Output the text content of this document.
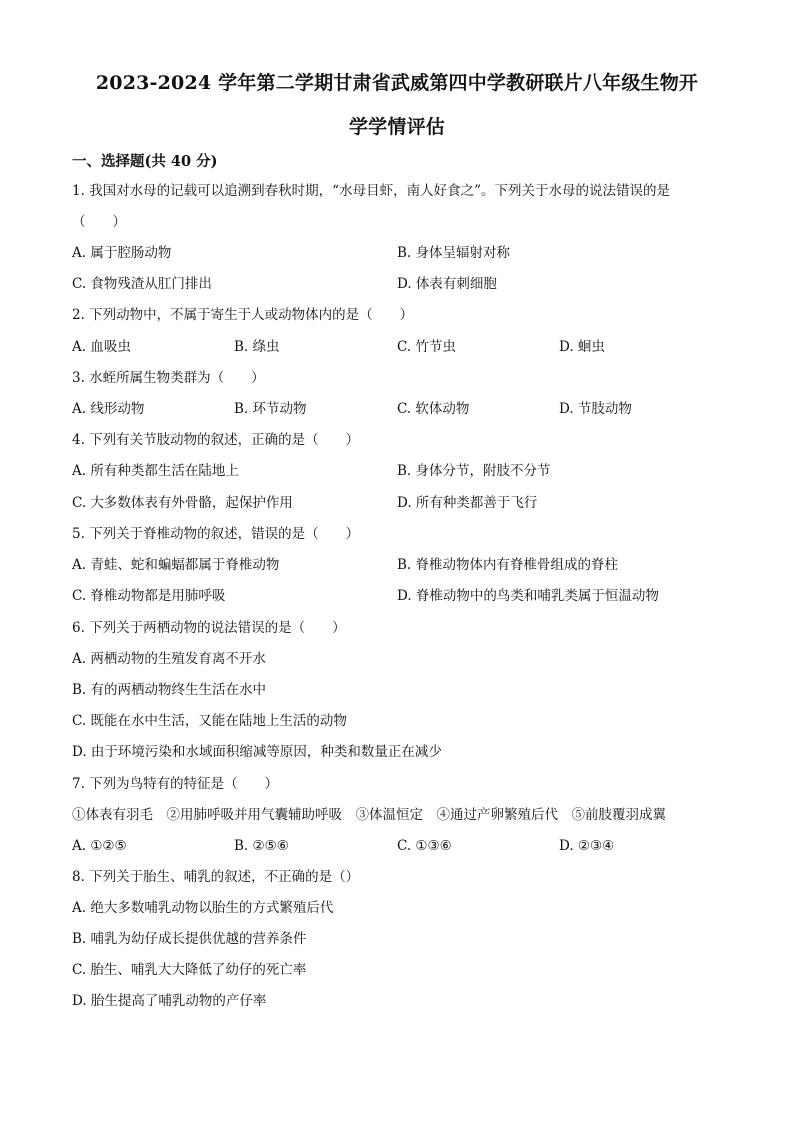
2023-2024 学年第二学期甘肃省武威第四中学教研联片八年级生物开
学学情评估
一、选择题(共 40 分)
1. 我国对水母的记载可以追溯到春秋时期，“水母目虾，南人好食之”。下列关于水母的说法错误的是
（　　）
A. 属于腔肠动物	B. 身体呈辐射对称
C. 食物残渣从肛门排出	D. 体表有刺细胞
2. 下列动物中，不属于寄生于人或动物体内的是（　　）
A. 血吸虫	B. 绦虫	C. 竹节虫	D. 蛔虫
3. 水蛭所属生物类群为（　　）
A. 线形动物	B. 环节动物	C. 软体动物	D. 节肢动物
4. 下列有关节肢动物的叙述，正确的是（　　）
A. 所有种类都生活在陆地上	B. 身体分节，附肢不分节
C. 大多数体表有外骨骼，起保护作用	D. 所有种类都善于飞行
5. 下列关于脊椎动物的叙述，错误的是（　　）
A. 青蛙、蛇和蝙蝠都属于脊椎动物	B. 脊椎动物体内有脊椎骨组成的脊柱
C. 脊椎动物都是用肺呼吸	D. 脊椎动物中的鸟类和哺乳类属于恒温动物
6. 下列关于两栖动物的说法错误的是（　　）
A. 两栖动物的生殖发育离不开水
B. 有的两栖动物终生生活在水中
C. 既能在水中生活，又能在陆地上生活的动物
D. 由于环境污染和水域面积缩减等原因，种类和数量正在减少
7. 下列为鸟特有的特征是（　　）
①体表有羽毛　②用肺呼吸并用气囊辅助呼吸　③体温恒定　④通过产卵繁殖后代　⑤前肢覆羽成翼
A. ①②⑤	B. ②⑤⑥	C. ①③⑥	D. ②③④
8. 下列关于胎生、哺乳的叙述，不正确的是（）
A. 绝大多数哺乳动物以胎生的方式繁殖后代
B. 哺乳为幼仔成长提供优越的营养条件
C. 胎生、哺乳大大降低了幼仔的死亡率
D. 胎生提高了哺乳动物的产仔率
